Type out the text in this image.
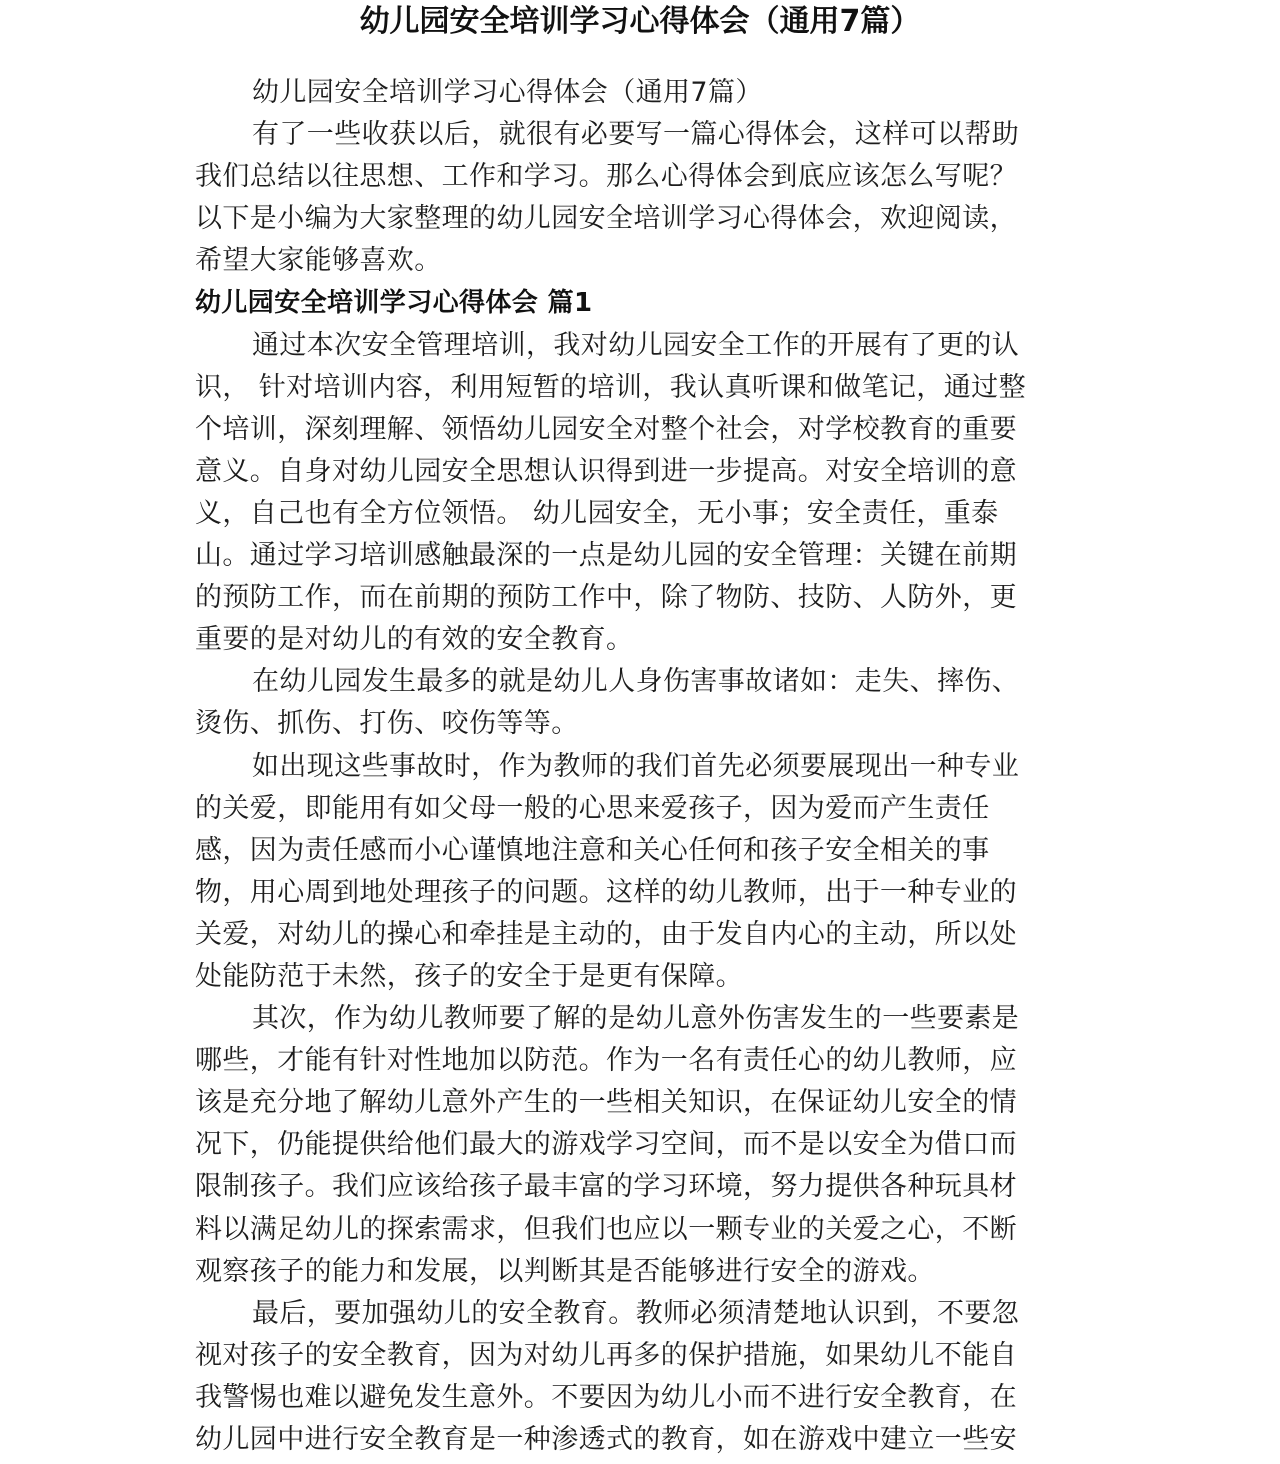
幼儿园安全培训学习心得体会（通用7篇）
幼儿园安全培训学习心得体会（通用7篇）
有了一些收获以后，就很有必要写一篇心得体会，这样可以帮助
我们总结以往思想、工作和学习。那么心得体会到底应该怎么写呢？
以下是小编为大家整理的幼儿园安全培训学习心得体会，欢迎阅读，
希望大家能够喜欢。
幼儿园安全培训学习心得体会 篇1
通过本次安全管理培训，我对幼儿园安全工作的开展有了更的认
识， 针对培训内容，利用短暂的培训，我认真听课和做笔记，通过整
个培训，深刻理解、领悟幼儿园安全对整个社会，对学校教育的重要
意义。自身对幼儿园安全思想认识得到进一步提高。对安全培训的意
义，自己也有全方位领悟。 幼儿园安全，无小事；安全责任，重泰
山。通过学习培训感触最深的一点是幼儿园的安全管理：关键在前期
的预防工作，而在前期的预防工作中，除了物防、技防、人防外，更
重要的是对幼儿的有效的安全教育。
在幼儿园发生最多的就是幼儿人身伤害事故诸如：走失、摔伤、
烫伤、抓伤、打伤、咬伤等等。
如出现这些事故时，作为教师的我们首先必须要展现出一种专业
的关爱，即能用有如父母一般的心思来爱孩子，因为爱而产生责任
感，因为责任感而小心谨慎地注意和关心任何和孩子安全相关的事
物，用心周到地处理孩子的问题。这样的幼儿教师，出于一种专业的
关爱，对幼儿的操心和牵挂是主动的，由于发自内心的主动，所以处
处能防范于未然，孩子的安全于是更有保障。
其次，作为幼儿教师要了解的是幼儿意外伤害发生的一些要素是
哪些，才能有针对性地加以防范。作为一名有责任心的幼儿教师，应
该是充分地了解幼儿意外产生的一些相关知识，在保证幼儿安全的情
况下，仍能提供给他们最大的游戏学习空间，而不是以安全为借口而
限制孩子。我们应该给孩子最丰富的学习环境，努力提供各种玩具材
料以满足幼儿的探索需求，但我们也应以一颗专业的关爱之心，不断
观察孩子的能力和发展，以判断其是否能够进行安全的游戏。
最后，要加强幼儿的安全教育。教师必须清楚地认识到，不要忽
视对孩子的安全教育，因为对幼儿再多的保护措施，如果幼儿不能自
我警惕也难以避免发生意外。不要因为幼儿小而不进行安全教育，在
幼儿园中进行安全教育是一种渗透式的教育，如在游戏中建立一些安
